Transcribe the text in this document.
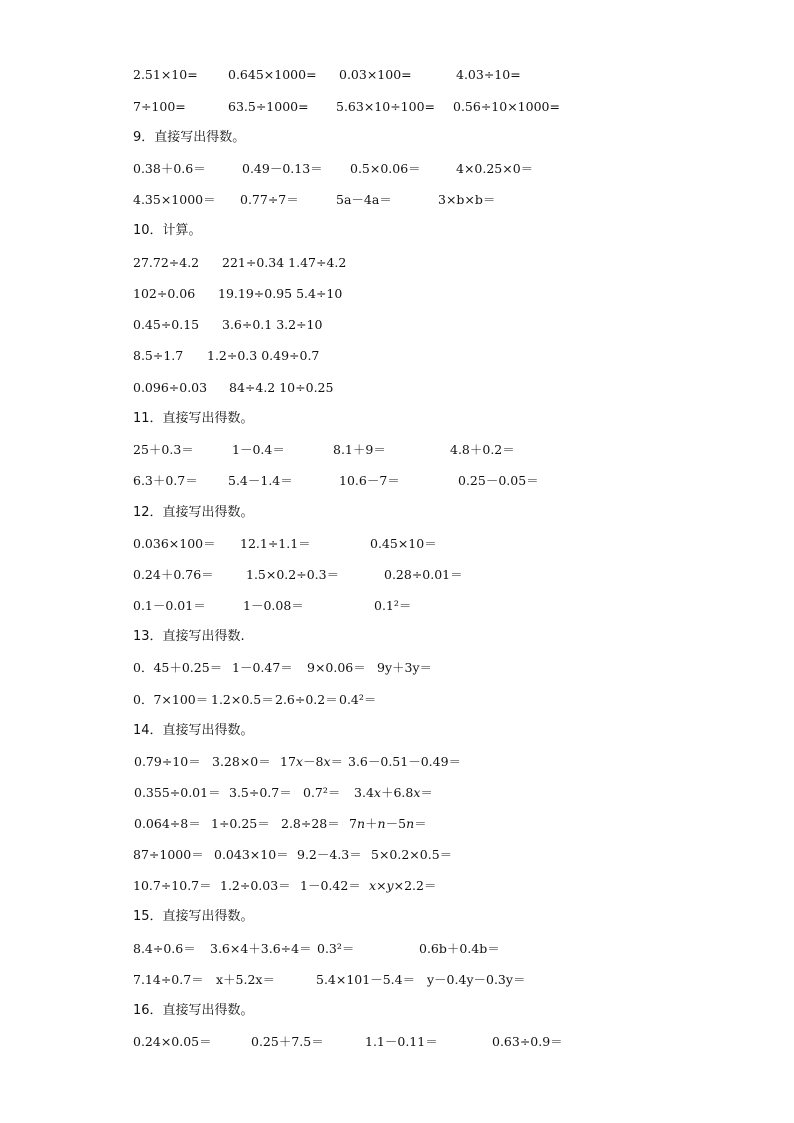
2.51×10= 0.645×1000= 0.03×100=	4.03÷10=
7÷100=	63.5÷1000= 5.63×10÷100= 0.56÷10×1000=
9．直接写出得数。
0.38＋0.6＝	0.49－0.13＝ 0.5×0.06＝	4×0.25×0＝
4.35×1000＝ 0.77÷7＝	5a－4a＝	3×b×b＝
10．计算。
27.72÷4.2 221÷0.34 1.47÷4.2
102÷0.06 19.19÷0.95 5.4÷10
0.45÷0.15 3.6÷0.1 3.2÷10
8.5÷1.7 1.2÷0.3 0.49÷0.7
0.096÷0.03 84÷4.2 10÷0.25
11．直接写出得数。
25＋0.3＝	1－0.4＝	8.1＋9＝	4.8＋0.2＝
6.3＋0.7＝ 5.4－1.4＝	10.6－7＝	0.25－0.05＝
12．直接写出得数。
0.036×100＝ 12.1÷1.1＝	0.45×10＝
0.24＋0.76＝	1.5×0.2÷0.3＝	0.28÷0.01＝
0.1－0.01＝	1－0.08＝	0.1²＝
13．直接写出得数.
0．45＋0.25＝ 1－0.47＝ 9×0.06＝ 9y＋3y＝
0．7×100＝ 1.2×0.5＝ 2.6÷0.2＝ 0.4²＝
14．直接写出得数。
0.79÷10＝ 3.28×0＝ 17x－8x＝ 3.6－0.51－0.49＝
0.355÷0.01＝ 3.5÷0.7＝ 0.7²＝ 3.4x＋6.8x＝
0.064÷8＝ 1÷0.25＝ 2.8÷28＝ 7n＋n－5n＝
87÷1000＝ 0.043×10＝ 9.2－4.3＝ 5×0.2×0.5＝
10.7÷10.7＝ 1.2÷0.03＝ 1－0.42＝ x×y×2.2＝
15．直接写出得数。
8.4÷0.6＝ 3.6×4＋3.6÷4＝ 0.3²＝	0.6b＋0.4b＝
7.14÷0.7＝ x＋5.2x＝	5.4×101－5.4＝ y－0.4y－0.3y＝
16．直接写出得数。
0.24×0.05＝	0.25＋7.5＝	1.1－0.11＝	0.63÷0.9＝
